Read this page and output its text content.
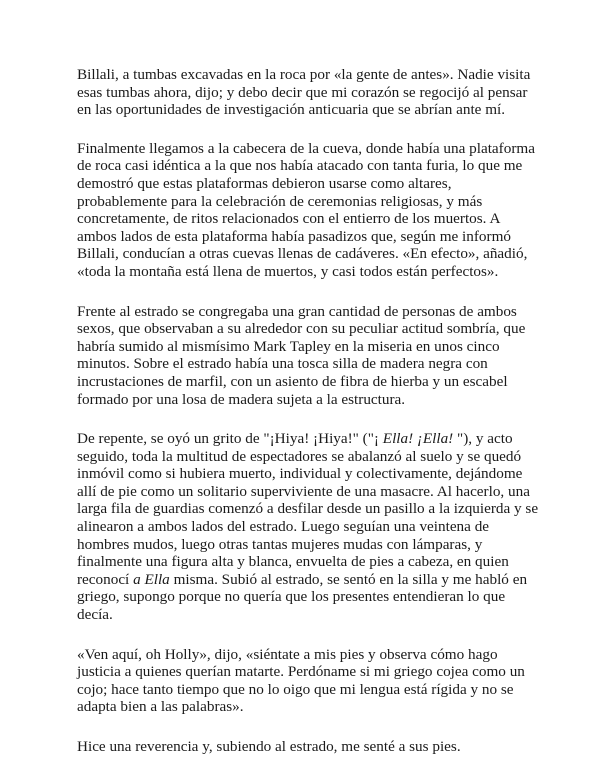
Billali, a tumbas excavadas en la roca por «la gente de antes». Nadie visita
esas tumbas ahora, dijo; y debo decir que mi corazón se regocijó al pensar
en las oportunidades de investigación anticuaria que se abrían ante mí.

Finalmente llegamos a la cabecera de la cueva, donde había una plataforma
de roca casi idéntica a la que nos había atacado con tanta furia, lo que me
demostró que estas plataformas debieron usarse como altares,
probablemente para la celebración de ceremonias religiosas, y más
concretamente, de ritos relacionados con el entierro de los muertos. A
ambos lados de esta plataforma había pasadizos que, según me informó
Billali, conducían a otras cuevas llenas de cadáveres. «En efecto», añadió,
«toda la montaña está llena de muertos, y casi todos están perfectos».

Frente al estrado se congregaba una gran cantidad de personas de ambos
sexos, que observaban a su alrededor con su peculiar actitud sombría, que
habría sumido al mismísimo Mark Tapley en la miseria en unos cinco
minutos. Sobre el estrado había una tosca silla de madera negra con
incrustaciones de marfil, con un asiento de fibra de hierba y un escabel
formado por una losa de madera sujeta a la estructura.

De repente, se oyó un grito de "¡Hiya! ¡Hiya!" ("¡ Ella! ¡Ella! "), y acto
seguido, toda la multitud de espectadores se abalanzó al suelo y se quedó
inmóvil como si hubiera muerto, individual y colectivamente, dejándome
allí de pie como un solitario superviviente de una masacre. Al hacerlo, una
larga fila de guardias comenzó a desfilar desde un pasillo a la izquierda y se
alinearon a ambos lados del estrado. Luego seguían una veintena de
hombres mudos, luego otras tantas mujeres mudas con lámparas, y
finalmente una figura alta y blanca, envuelta de pies a cabeza, en quien
reconocí a Ella misma. Subió al estrado, se sentó en la silla y me habló en
griego, supongo porque no quería que los presentes entendieran lo que
decía.

«Ven aquí, oh Holly», dijo, «siéntate a mis pies y observa cómo hago
justicia a quienes querían matarte. Perdóname si mi griego cojea como un
cojo; hace tanto tiempo que no lo oigo que mi lengua está rígida y no se
adapta bien a las palabras».

Hice una reverencia y, subiendo al estrado, me senté a sus pies.
